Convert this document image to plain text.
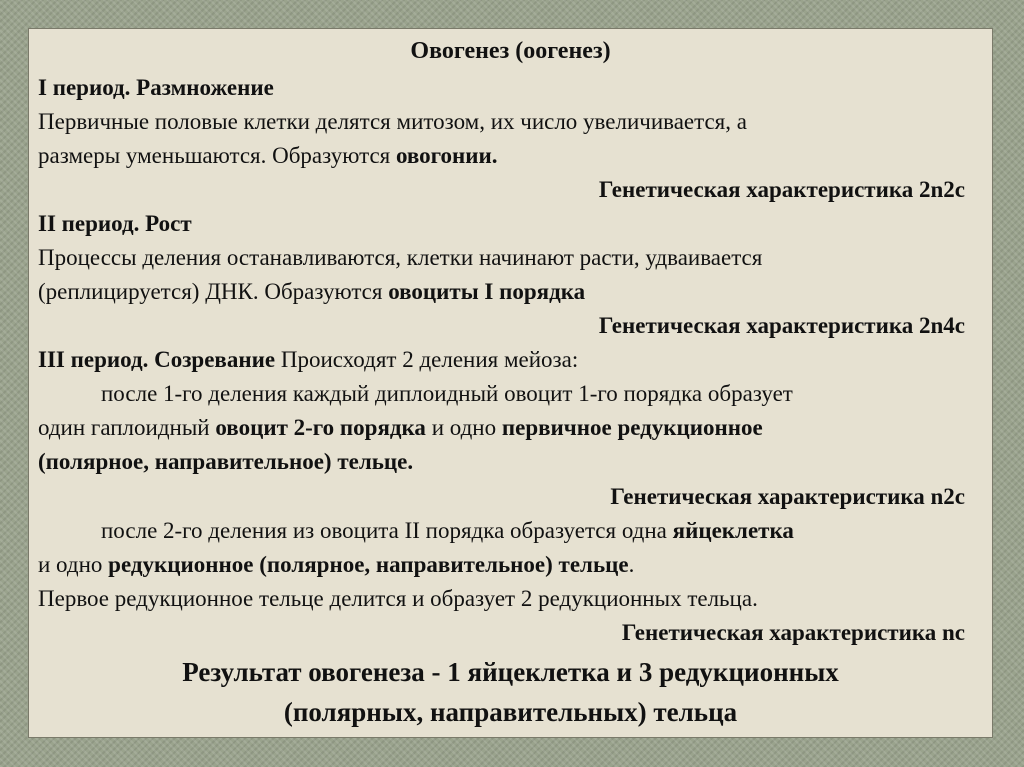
Овогенез (оогенез)

I период. Размножение

Первичные половые клетки делятся митозом, их число увеличивается, а

размеры уменьшаются. Образуются овогонии.

Генетическая характеристика 2n2c

II период. Рост

Процессы деления останавливаются, клетки начинают расти, удваивается

(реплицируется) ДНК. Образуются овоциты I порядка

Генетическая характеристика 2n4c

III период. Созревание Происходят 2 деления мейоза:

после 1-го деления каждый диплоидный овоцит 1-го порядка образует

один гаплоидный овоцит 2-го порядка и одно первичное редукционное

(полярное, направительное) тельце.

Генетическая характеристика n2c

после 2-го деления из овоцита II порядка образуется одна яйцеклетка

и одно редукционное (полярное, направительное) тельце.

Первое редукционное тельце делится и образует 2 редукционных тельца.

Генетическая характеристика nc

Результат овогенеза - 1 яйцеклетка и 3 редукционных

(полярных, направительных) тельца
